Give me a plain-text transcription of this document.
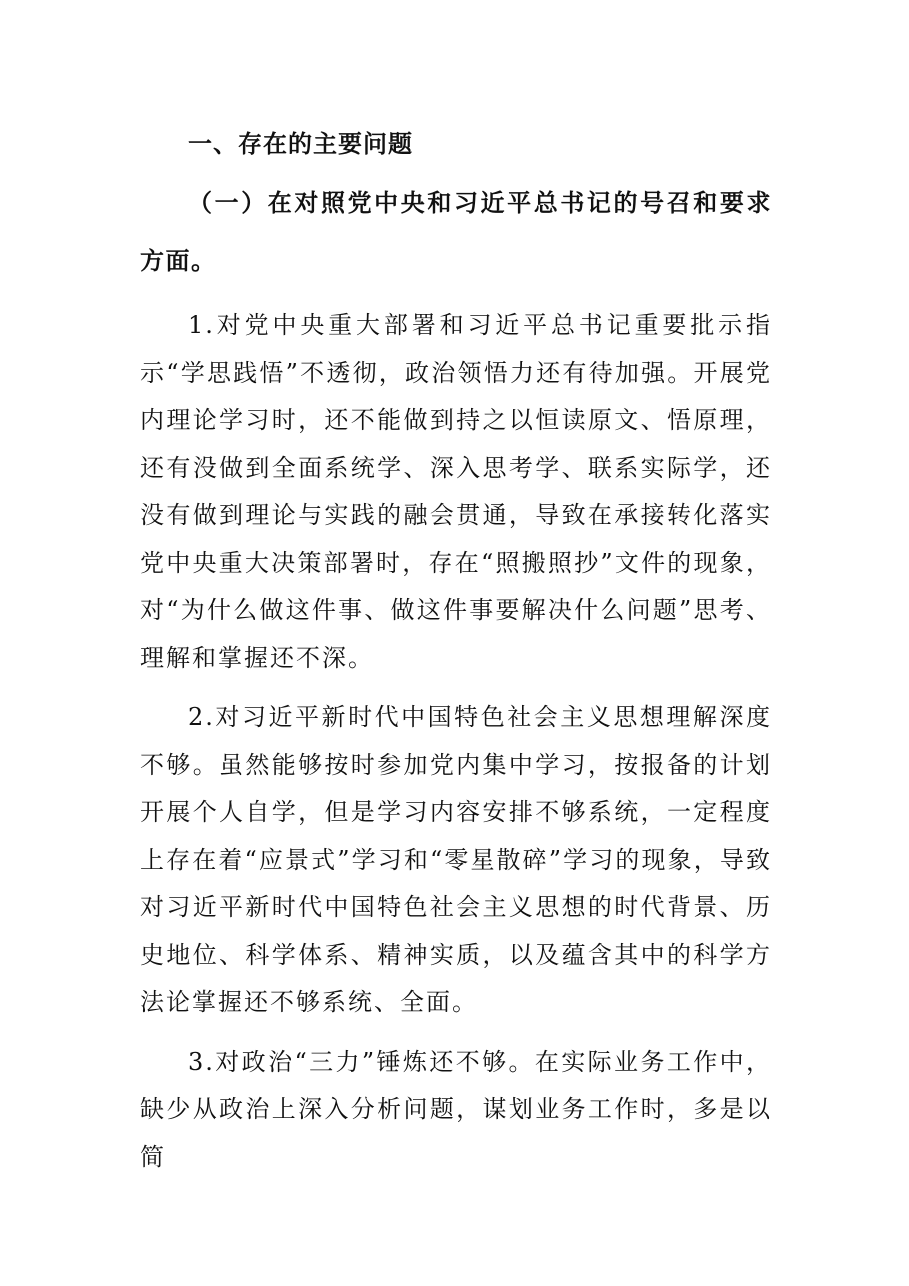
一、存在的主要问题

（一）在对照党中央和习近平总书记的号召和要求方面。

1.对党中央重大部署和习近平总书记重要批示指示“学思践悟”不透彻，政治领悟力还有待加强。开展党内理论学习时，还不能做到持之以恒读原文、悟原理，还有没做到全面系统学、深入思考学、联系实际学，还没有做到理论与实践的融会贯通，导致在承接转化落实党中央重大决策部署时，存在“照搬照抄”文件的现象，对“为什么做这件事、做这件事要解决什么问题”思考、理解和掌握还不深。

2.对习近平新时代中国特色社会主义思想理解深度不够。虽然能够按时参加党内集中学习，按报备的计划开展个人自学，但是学习内容安排不够系统，一定程度上存在着“应景式”学习和“零星散碎”学习的现象，导致对习近平新时代中国特色社会主义思想的时代背景、历史地位、科学体系、精神实质，以及蕴含其中的科学方法论掌握还不够系统、全面。

3.对政治“三力”锤炼还不够。在实际业务工作中，缺少从政治上深入分析问题，谋划业务工作时，多是以简
